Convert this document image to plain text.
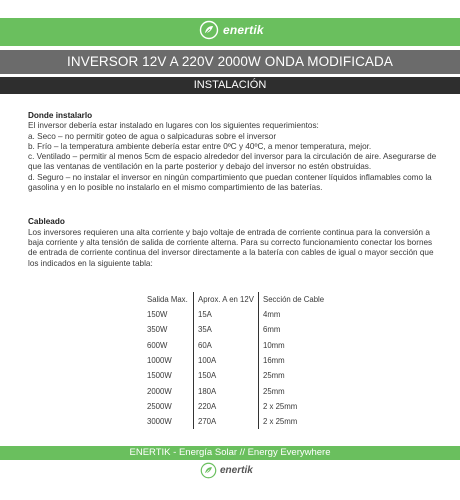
enertik
INVERSOR 12V A 220V 2000W ONDA MODIFICADA
INSTALACIÓN
Donde instalarlo

El inversor debería estar instalado en lugares con los siguientes requerimientos:

a. Seco – no permitir goteo de agua o salpicaduras sobre el inversor

b. Frío – la temperatura ambiente debería estar entre 0ºC y 40ºC, a menor temperatura, mejor.

c. Ventilado – permitir al menos 5cm de espacio alrededor del inversor para la circulación de aire. Asegurarse de que las ventanas de ventilación en la parte posterior y debajo del inversor no estén obstruidas.

d. Seguro – no instalar el inversor en ningún compartimiento que puedan contener líquidos inflamables como la gasolina y en lo posible no instalarlo en el mismo compartimiento de las baterías.

Cableado

Los inversores requieren una alta corriente y bajo voltaje de entrada de corriente continua para la conversión a baja corriente y alta tensión de salida de corriente alterna. Para su correcto funcionamiento conectar los bornes de entrada de corriente continua del inversor directamente a la batería con cables de igual o mayor sección que los indicados en la siguiente tabla:

Salida Max.	Aprox. A en 12V	Sección de Cable
150W	15A	4mm
350W	35A	6mm
600W	60A	10mm
1000W	100A	16mm
1500W	150A	25mm
2000W	180A	25mm
2500W	220A	2 x 25mm
3000W	270A	2 x 25mm
ENERTIK - Energía Solar // Energy Everywhere
enertik
